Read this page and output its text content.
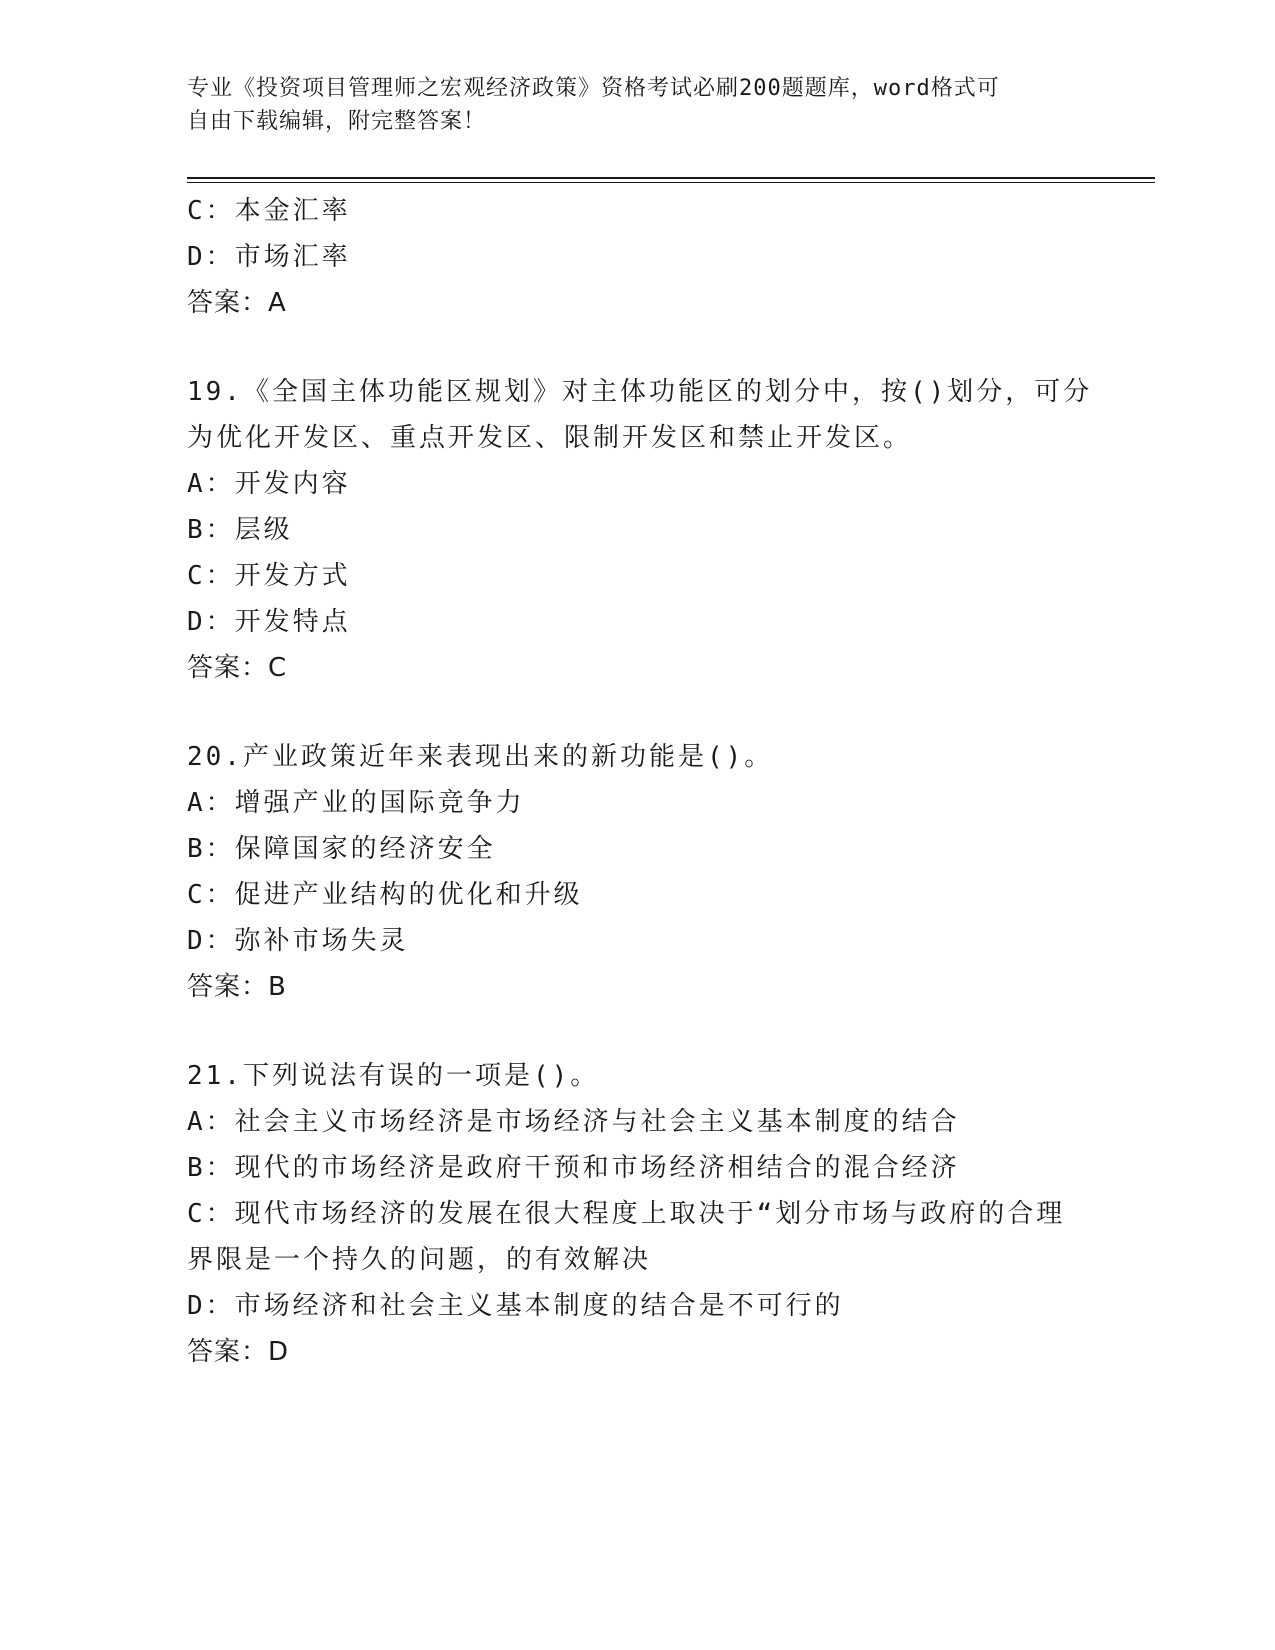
专业《投资项目管理师之宏观经济政策》资格考试必刷200题题库，word格式可
自由下载编辑，附完整答案！
C：本金汇率
D：市场汇率
答案：A
19.《全国主体功能区规划》对主体功能区的划分中，按()划分，可分
为优化开发区、重点开发区、限制开发区和禁止开发区。
A：开发内容
B：层级
C：开发方式
D：开发特点
答案：C
20.产业政策近年来表现出来的新功能是()。
A：增强产业的国际竞争力
B：保障国家的经济安全
C：促进产业结构的优化和升级
D：弥补市场失灵
答案：B
21.下列说法有误的一项是()。
A：社会主义市场经济是市场经济与社会主义基本制度的结合
B：现代的市场经济是政府干预和市场经济相结合的混合经济
C：现代市场经济的发展在很大程度上取决于“划分市场与政府的合理
界限是一个持久的问题，的有效解决
D：市场经济和社会主义基本制度的结合是不可行的
答案：D
